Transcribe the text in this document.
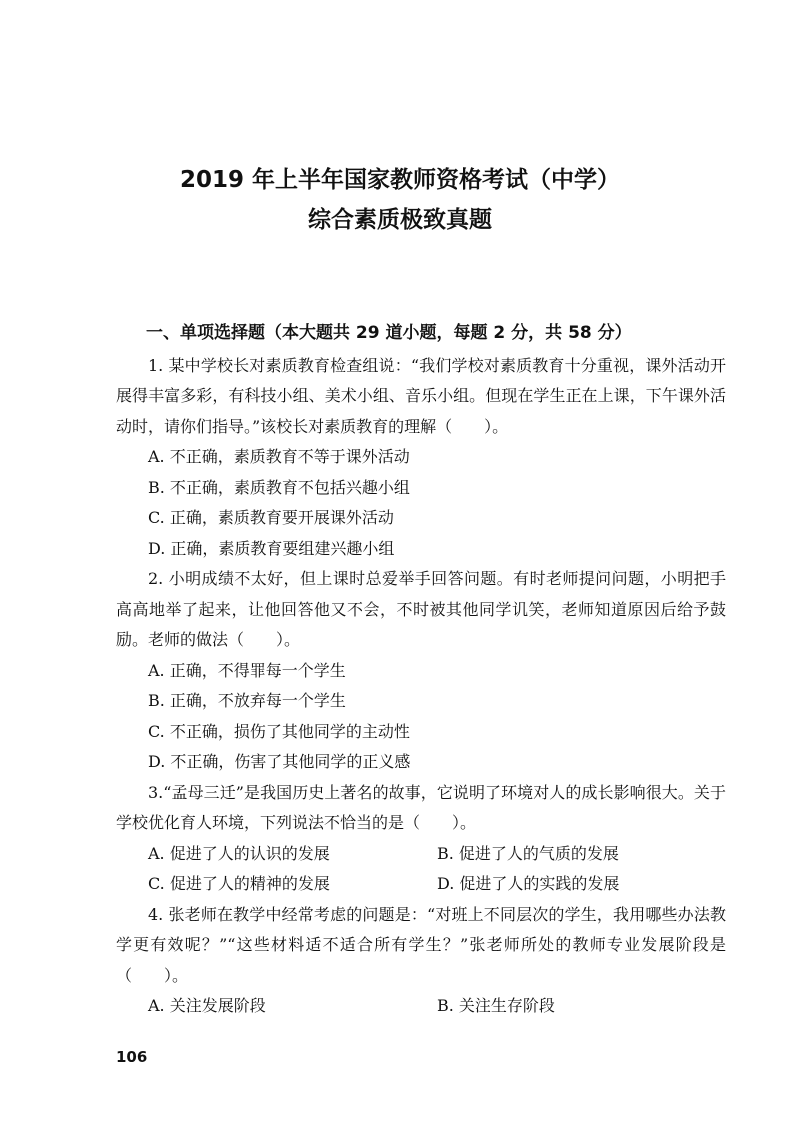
2019 年上半年国家教师资格考试（中学）
综合素质极致真题
一、单项选择题（本大题共 29 道小题，每题 2 分，共 58 分）
1. 某中学校长对素质教育检查组说：“我们学校对素质教育十分重视，课外活动开展得丰富多彩，有科技小组、美术小组、音乐小组。但现在学生正在上课，下午课外活动时，请你们指导。”该校长对素质教育的理解（　　）。
A. 不正确，素质教育不等于课外活动
B. 不正确，素质教育不包括兴趣小组
C. 正确，素质教育要开展课外活动
D. 正确，素质教育要组建兴趣小组
2. 小明成绩不太好，但上课时总爱举手回答问题。有时老师提问问题，小明把手高高地举了起来，让他回答他又不会，不时被其他同学讥笑，老师知道原因后给予鼓励。老师的做法（　　）。
A. 正确，不得罪每一个学生
B. 正确，不放弃每一个学生
C. 不正确，损伤了其他同学的主动性
D. 不正确，伤害了其他同学的正义感
3.“孟母三迁”是我国历史上著名的故事，它说明了环境对人的成长影响很大。关于学校优化育人环境，下列说法不恰当的是（　　）。
A. 促进了人的认识的发展	B. 促进了人的气质的发展
C. 促进了人的精神的发展	D. 促进了人的实践的发展
4. 张老师在教学中经常考虑的问题是：“对班上不同层次的学生，我用哪些办法教学更有效呢？”“这些材料适不适合所有学生？”张老师所处的教师专业发展阶段是（　　）。
A. 关注发展阶段	B. 关注生存阶段
106
